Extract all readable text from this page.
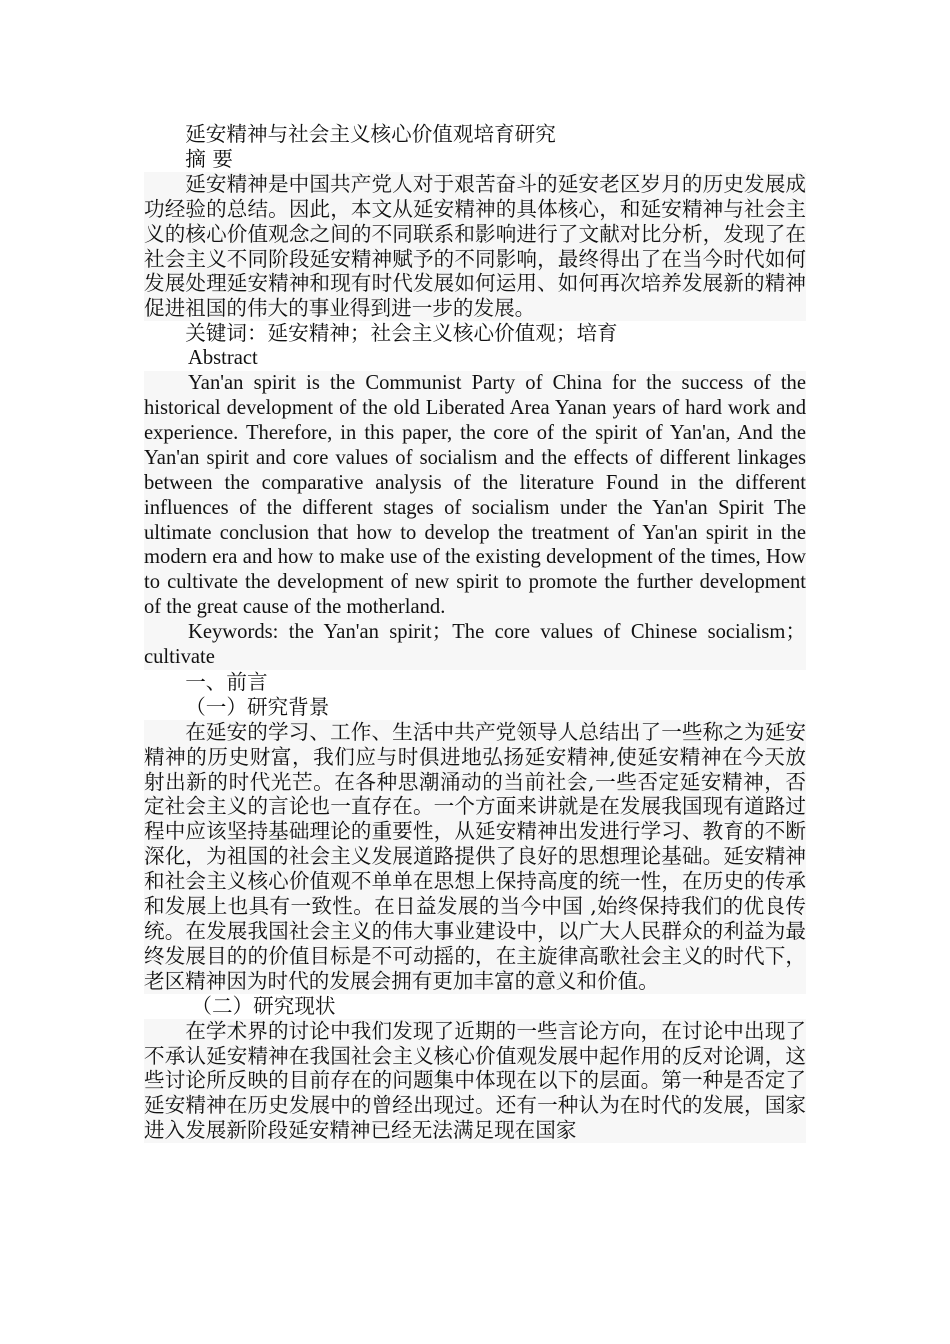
延安精神与社会主义核心价值观培育研究

摘 要

延安精神是中国共产党人对于艰苦奋斗的延安老区岁月的历史发展成功经验的总结。因此，本文从延安精神的具体核心，和延安精神与社会主义的核心价值观念之间的不同联系和影响进行了文献对比分析，发现了在社会主义不同阶段延安精神赋予的不同影响，最终得出了在当今时代如何发展处理延安精神和现有时代发展如何运用、如何再次培养发展新的精神促进祖国的伟大的事业得到进一步的发展。

关键词：延安精神；社会主义核心价值观；培育

Abstract

Yan'an spirit is the Communist Party of China for the success of the historical development of the old Liberated Area Yanan years of hard work and experience. Therefore, in this paper, the core of the spirit of Yan'an, And the Yan'an spirit and core values of socialism and the effects of different linkages between the comparative analysis of the literature Found in the different influences of the different stages of socialism under the Yan'an Spirit The ultimate conclusion that how to develop the treatment of Yan'an spirit in the modern era and how to make use of the existing development of the times, How to cultivate the development of new spirit to promote the further development of the great cause of the motherland.

Keywords: the Yan'an spirit；The core values of Chinese socialism；cultivate

一、前言

（一）研究背景

在延安的学习、工作、生活中共产党领导人总结出了一些称之为延安精神的历史财富，我们应与时俱进地弘扬延安精神,使延安精神在今天放射出新的时代光芒。在各种思潮涌动的当前社会,一些否定延安精神，否定社会主义的言论也一直存在。一个方面来讲就是在发展我国现有道路过程中应该坚持基础理论的重要性，从延安精神出发进行学习、教育的不断深化，为祖国的社会主义发展道路提供了良好的思想理论基础。延安精神和社会主义核心价值观不单单在思想上保持高度的统一性，在历史的传承和发展上也具有一致性。在日益发展的当今中国 ,始终保持我们的优良传统。在发展我国社会主义的伟大事业建设中，以广大人民群众的利益为最终发展目的的价值目标是不可动摇的，在主旋律高歌社会主义的时代下，老区精神因为时代的发展会拥有更加丰富的意义和价值。

（二）研究现状

在学术界的讨论中我们发现了近期的一些言论方向，在讨论中出现了不承认延安精神在我国社会主义核心价值观发展中起作用的反对论调，这些讨论所反映的目前存在的问题集中体现在以下的层面。第一种是否定了延安精神在历史发展中的曾经出现过。还有一种认为在时代的发展，国家进入发展新阶段延安精神已经无法满足现在国家
